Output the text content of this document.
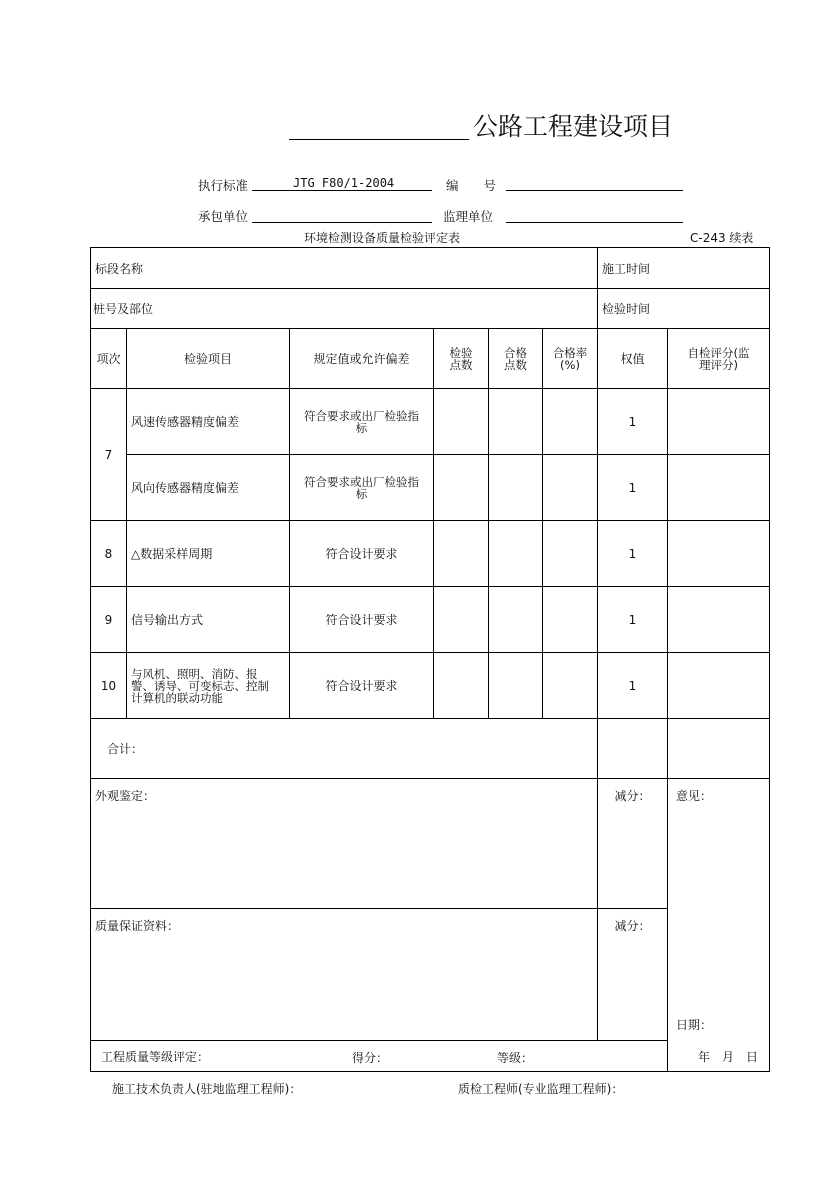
公路工程建设项目
执行标准	JTG F80/1-2004	编　　号
承包单位	监理单位
环境检测设备质量检验评定表	C-243 续表
标段名称						施工时间	
桩号及部位						检验时间	
项次	检验项目	规定值或允许偏差	检验点数	合格点数	合格率(%)	权值	自检评分(监理评分)
7	风速传感器精度偏差	符合要求或出厂检验指标				1	
	风向传感器精度偏差	符合要求或出厂检验指标				1	
8	△数据采样周期	符合设计要求				1	
9	信号输出方式	符合设计要求				1	
10	与风机、照明、消防、报警、诱导、可变标志、控制计算机的联动功能	符合设计要求				1	
合计：							
外观鉴定：						减分：	意见：
日期：
年　月　日

质量保证资料：						减分：	
工程质量等级评定： 得分： 等级：							
施工技术负责人(驻地监理工程师)：	质检工程师(专业监理工程师)：
